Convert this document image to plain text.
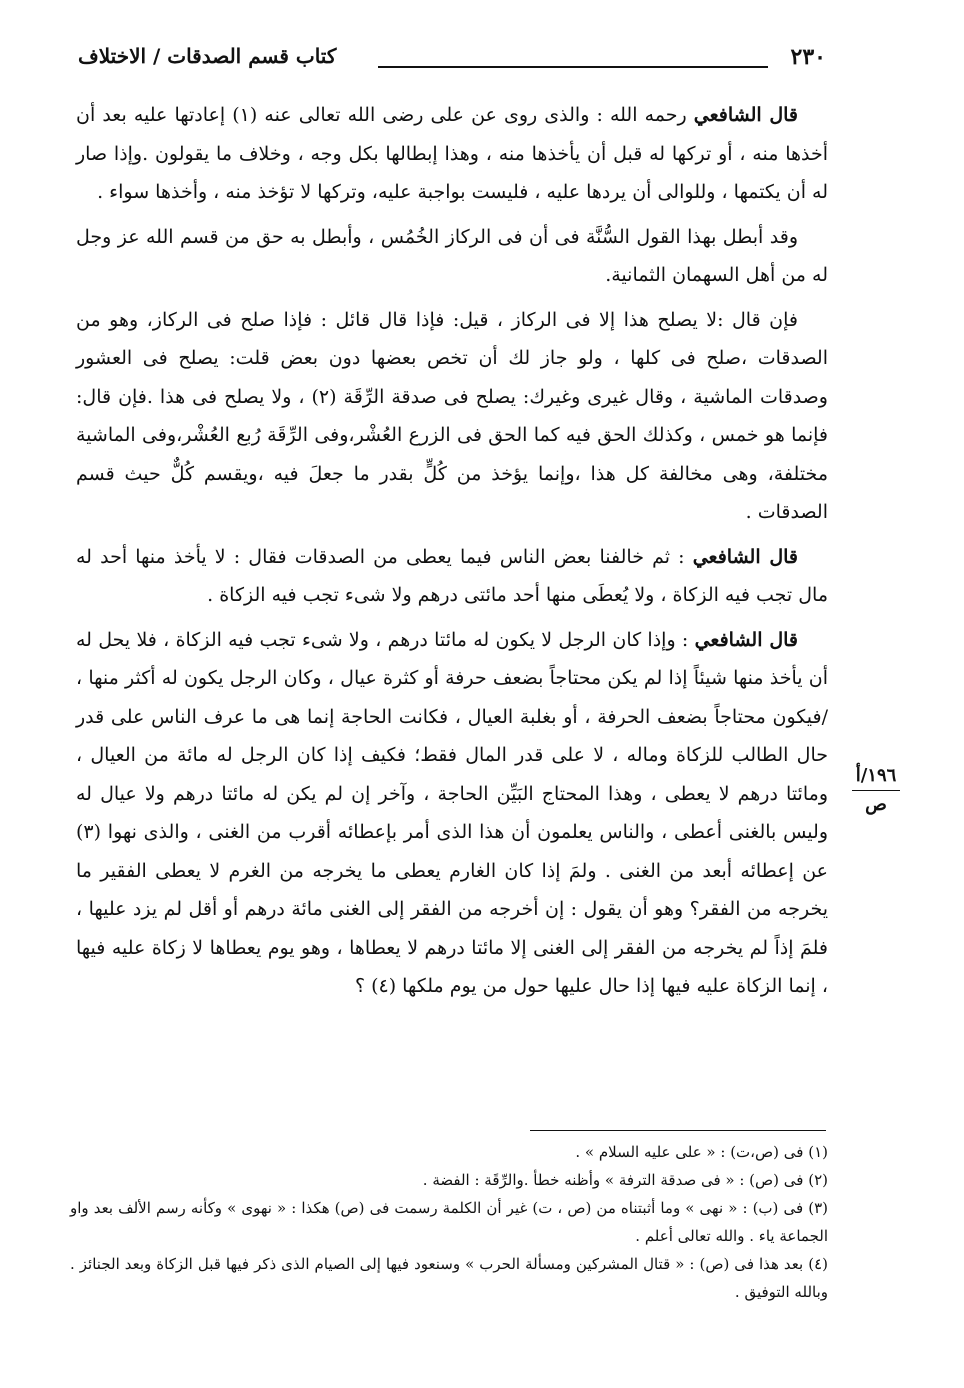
٢٣٠
كتاب قسم الصدقات / الاختلاف

قال الشافعي رحمه الله : والذى روى عن على رضى الله تعالى عنه (١) إعادتها عليه بعد أن أخذها منه ، أو تركها له قبل أن يأخذها منه ، وهذا إبطالها بكل وجه ، وخلاف ما يقولون .وإذا صار له أن يكتمها ، وللوالى أن يردها عليه ، فليست بواجبة عليه، وتركها لا تؤخذ منه ، وأخذها سواء .

وقد أبطل بهذا القول السُّنَّة فى أن فى الركاز الخُمُس ، وأبطل به حق من قسم الله عز وجل له من أهل السهمان الثمانية.

فإن قال :لا يصلح هذا إلا فى الركاز ، قيل: فإذا قال قائل : فإذا صلح فى الركاز، وهو من الصدقات ،صلح فى كلها ، ولو جاز لك أن تخص بعضها دون بعض قلت: يصلح فى العشور وصدقات الماشية ، وقال غيرى وغيرك: يصلح فى صدقة الرِّقَة (٢) ، ولا يصلح فى هذا .فإن قال: فإنما هو خمس ، وكذلك الحق فيه كما الحق فى الزرع العُشْر،وفى الرِّقَة رُبع العُشْر،وفى الماشية مختلفة، وهى مخالفة كل هذا ،وإنما يؤخذ من كُلٍّ بقدر ما جعلَ فيه ،ويقسم كُلٌّ حيث قسم الصدقات .

قال الشافعي : ثم خالفنا بعض الناس فيما يعطى من الصدقات فقال : لا يأخذ منها أحد له مال تجب فيه الزكاة ، ولا يُعطَى منها أحد مائتى درهم ولا شىء تجب فيه الزكاة .

قال الشافعي : وإذا كان الرجل لا يكون له مائتا درهم ، ولا شىء تجب فيه الزكاة ، فلا يحل له أن يأخذ منها شيئاً إذا لم يكن محتاجاً بضعف حرفة أو كثرة عيال ، وكان الرجل يكون له أكثر منها ، /فيكون محتاجاً بضعف الحرفة ، أو بغلبة العيال ، فكانت الحاجة إنما هى ما عرف الناس على قدر حال الطالب للزكاة وماله ، لا على قدر المال فقط؛ فكيف إذا كان الرجل له مائة من العيال ، ومائتا درهم لا يعطى ، وهذا المحتاج البَيِّن الحاجة ، وآخر إن لم يكن له مائتا درهم ولا عيال له وليس بالغنى أعطى ، والناس يعلمون أن هذا الذى أمر بإعطائه أقرب من الغنى ، والذى نهوا (٣) عن إعطائه أبعد من الغنى . ولمَ إذا كان الغارم يعطى ما يخرجه من الغرم لا يعطى الفقير ما يخرجه من الفقر؟ وهو أن يقول : إن أخرجه من الفقر إلى الغنى مائة درهم أو أقل لم يزد عليها ، فلمَ إذاً لم يخرجه من الفقر إلى الغنى إلا مائتا درهم لا يعطاها ، وهو يوم يعطاها لا زكاة عليه فيها ، إنما الزكاة عليه فيها إذا حال عليها حول من يوم ملكها (٤) ؟

١٩٦/أ
ص

(١) فى (ص،ت) : « على عليه السلام » .

(٢) فى (ص) : « فى صدقة الترفة » وأظنه خطأ .والرِّقَة : الفضة .

(٣) فى (ب) : « نهى » وما أثبتناه من (ص ، ت) غير أن الكلمة رسمت فى (ص) هكذا : « نهوى » وكأنه رسم الألف بعد واو الجماعة ياء . والله تعالى أعلم .

(٤) بعد هذا فى (ص) : « قتال المشركين ومسألة الحرب » وسنعود فيها إلى الصيام الذى ذكر فيها قبل الزكاة وبعد الجنائز . وبالله التوفيق .
